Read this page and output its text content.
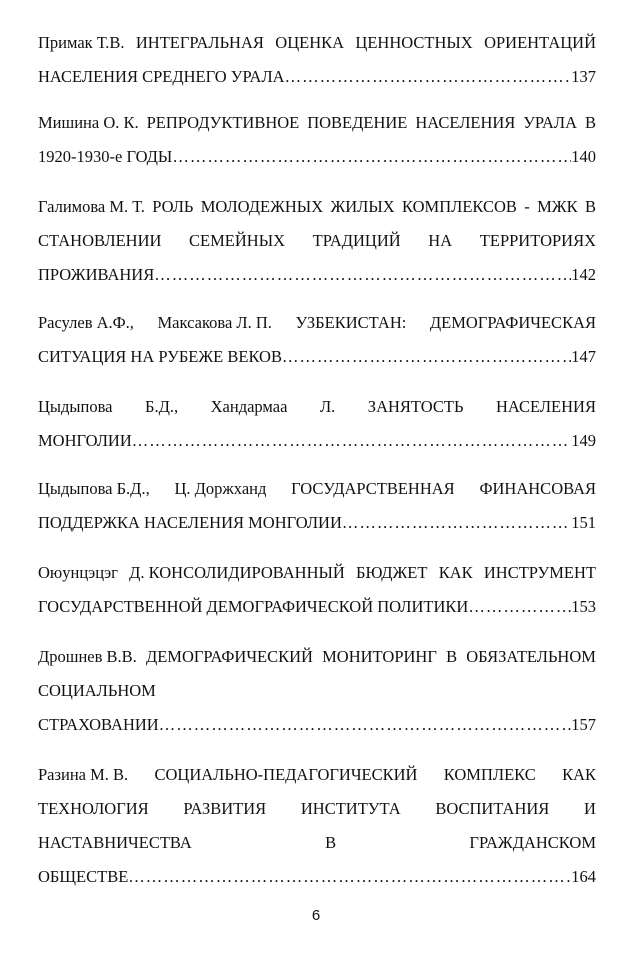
Примак Т.В. ИНТЕГРАЛЬНАЯ ОЦЕНКА ЦЕННОСТНЫХ ОРИЕНТАЦИЙ
НАСЕЛЕНИЯ СРЕДНЕГО УРАЛА ………………………………………………………………………………………………………………………………………………………………………………	137
Мишина О. К. РЕПРОДУКТИВНОЕ ПОВЕДЕНИЕ НАСЕЛЕНИЯ УРАЛА В
1920-1930-е ГОДЫ ………………………………………………………………………………………………………………………………………………………………………………	140
Галимова М. Т. РОЛЬ МОЛОДЕЖНЫХ ЖИЛЫХ КОМПЛЕКСОВ - МЖК В
СТАНОВЛЕНИИ СЕМЕЙНЫХ ТРАДИЦИЙ НА ТЕРРИТОРИЯХ
ПРОЖИВАНИЯ ………………………………………………………………………………………………………………………………………………………………………………	142
Расулев А.Ф., Максакова Л. П. УЗБЕКИСТАН: ДЕМОГРАФИЧЕСКАЯ
СИТУАЦИЯ НА РУБЕЖЕ ВЕКОВ ………………………………………………………………………………………………………………………………………………………………………………	147
Цыдыпова Б.Д., Хандармаа Л. ЗАНЯТОСТЬ НАСЕЛЕНИЯ
МОНГОЛИИ ………………………………………………………………………………………………………………………………………………………………………………	149
Цыдыпова Б.Д., Ц. Доржханд ГОСУДАРСТВЕННАЯ ФИНАНСОВАЯ
ПОДДЕРЖКА НАСЕЛЕНИЯ МОНГОЛИИ ………………………………………………………………………………………………………………………………………………………………………………	151
Оюунцэцэг Д. КОНСОЛИДИРОВАННЫЙ БЮДЖЕТ КАК ИНСТРУМЕНТ
ГОСУДАРСТВЕННОЙ ДЕМОГРАФИЧЕСКОЙ ПОЛИТИКИ ………………………………………………………………………………………………………………………………………………………………………………	153
Дрошнев В.В. ДЕМОГРАФИЧЕСКИЙ МОНИТОРИНГ В ОБЯЗАТЕЛЬНОМ
СОЦИАЛЬНОМ
СТРАХОВАНИИ ………………………………………………………………………………………………………………………………………………………………………………	157
Разина М. В. СОЦИАЛЬНО-ПЕДАГОГИЧЕСКИЙ КОМПЛЕКС КАК
ТЕХНОЛОГИЯ РАЗВИТИЯ ИНСТИТУТА ВОСПИТАНИЯ И
НАСТАВНИЧЕСТВА	В	ГРАЖДАНСКОМ
ОБЩЕСТВЕ ………………………………………………………………………………………………………………………………………………………………………………	164
6
